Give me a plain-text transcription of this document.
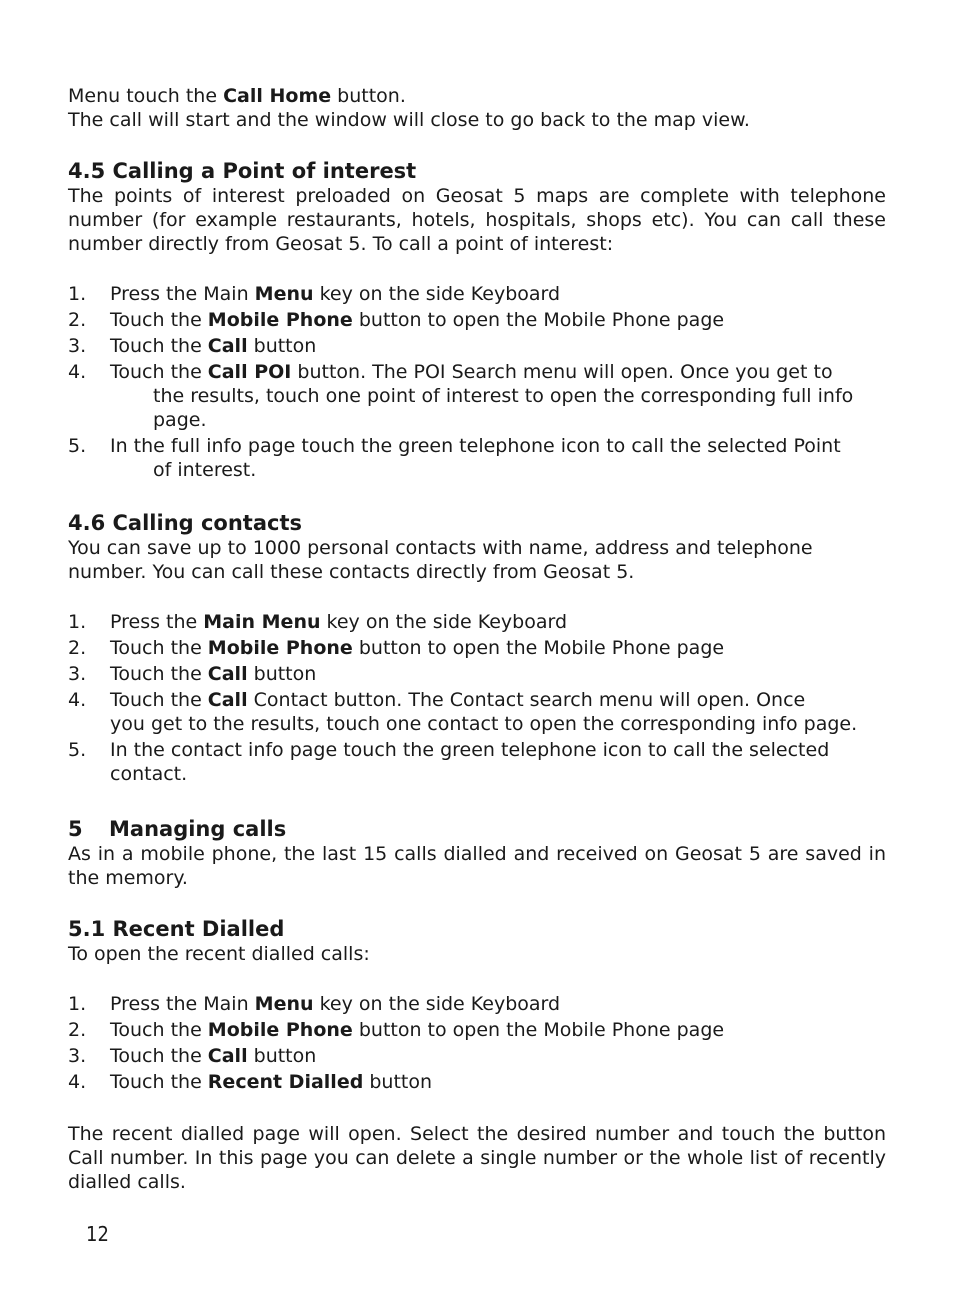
Menu touch the Call Home button.

The call will start and the window will close to go back to the map view.

4.5 Calling a Point of interest

The points of interest preloaded on Geosat 5 maps are complete with telephone number (for example restaurants, hotels, hospitals, shops etc). You can call these number directly from Geosat 5. To call a point of interest:

1. Press the Main Menu key on the side Keyboard
2. Touch the Mobile Phone button to open the Mobile Phone page
3. Touch the Call button
4. Touch the Call POI button. The POI Search menu will open. Once you get to
the results, touch one point of interest to open the corresponding full info page.
5. In the full info page touch the green telephone icon to call the selected Point
of interest.
4.6 Calling contacts

You can save up to 1000 personal contacts with name, address and telephone number. You can call these contacts directly from Geosat 5.

1. Press the Main Menu key on the side Keyboard
2. Touch the Mobile Phone button to open the Mobile Phone page
3. Touch the Call button
4. Touch the Call Contact button. The Contact search menu will open. Once
you get to the results, touch one contact to open the corresponding info page.
5. In the contact info page touch the green telephone icon to call the selected
contact.
5	Managing calls

As in a mobile phone, the last 15 calls dialled and received on Geosat 5 are saved in the memory.

5.1 Recent Dialled

To open the recent dialled calls:

1. Press the Main Menu key on the side Keyboard
2. Touch the Mobile Phone button to open the Mobile Phone page
3. Touch the Call button
4. Touch the Recent Dialled button

The recent dialled page will open. Select the desired number and touch the button Call number. In this page you can delete a single number or the whole list of recently dialled calls.

12
